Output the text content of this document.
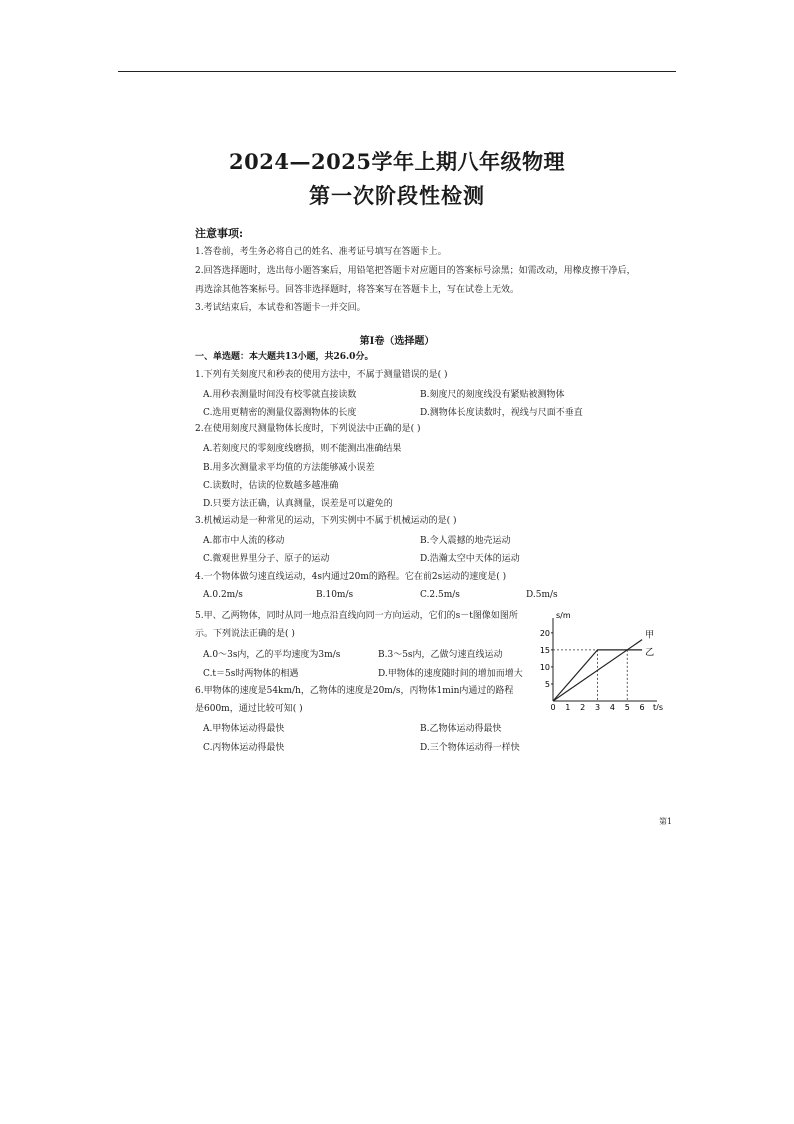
2024—2025学年上期八年级物理
第一次阶段性检测
注意事项:
1.答卷前，考生务必将自己的姓名、准考证号填写在答题卡上。
2.回答选择题时，选出每小题答案后，用铅笔把答题卡对应题目的答案标号涂黑；如需改动，用橡皮擦干净后，
再选涂其他答案标号。回答非选择题时，将答案写在答题卡上，写在试卷上无效。
3.考试结束后，本试卷和答题卡一并交回。
第Ⅰ卷（选择题）
一、单选题：本大题共13小题，共26.0分。
1.下列有关刻度尺和秒表的使用方法中，不属于测量错误的是( )
A.用秒表测量时间没有校零就直接读数	B.刻度尺的刻度线没有紧贴被测物体
C.选用更精密的测量仪器测物体的长度	D.测物体长度读数时，视线与尺面不垂直
2.在使用刻度尺测量物体长度时，下列说法中正确的是( )
A.若刻度尺的零刻度线磨损，则不能测出准确结果
B.用多次测量求平均值的方法能够减小误差
C.读数时，估读的位数越多越准确
D.只要方法正确，认真测量，误差是可以避免的
3.机械运动是一种常见的运动，下列实例中不属于机械运动的是( )
A.都市中人流的移动	B.令人震撼的地壳运动
C.微观世界里分子、原子的运动	D.浩瀚太空中天体的运动
4.一个物体做匀速直线运动，4s内通过20m的路程。它在前2s运动的速度是( )
A.0.2m/s	B.10m/s	C.2.5m/s	D.5m/s
5.甲、乙两物体，同时从同一地点沿直线向同一方向运动，它们的s－t图像如图所
示。下列说法正确的是( )
A.0～3s内，乙的平均速度为3m/s	B.3～5s内，乙做匀速直线运动
C.t＝5s时两物体的相遇	D.甲物体的速度随时间的增加而增大
6.甲物体的速度是54km/h，乙物体的速度是20m/s，丙物体1min内通过的路程
是600m，通过比较可知( )
A.甲物体运动得最快	B.乙物体运动得最快
C.丙物体运动得最快	D.三个物体运动得一样快
s/m
t/s
0 1 2 3 4 5 6
5
10
15
20	甲
乙
第1
